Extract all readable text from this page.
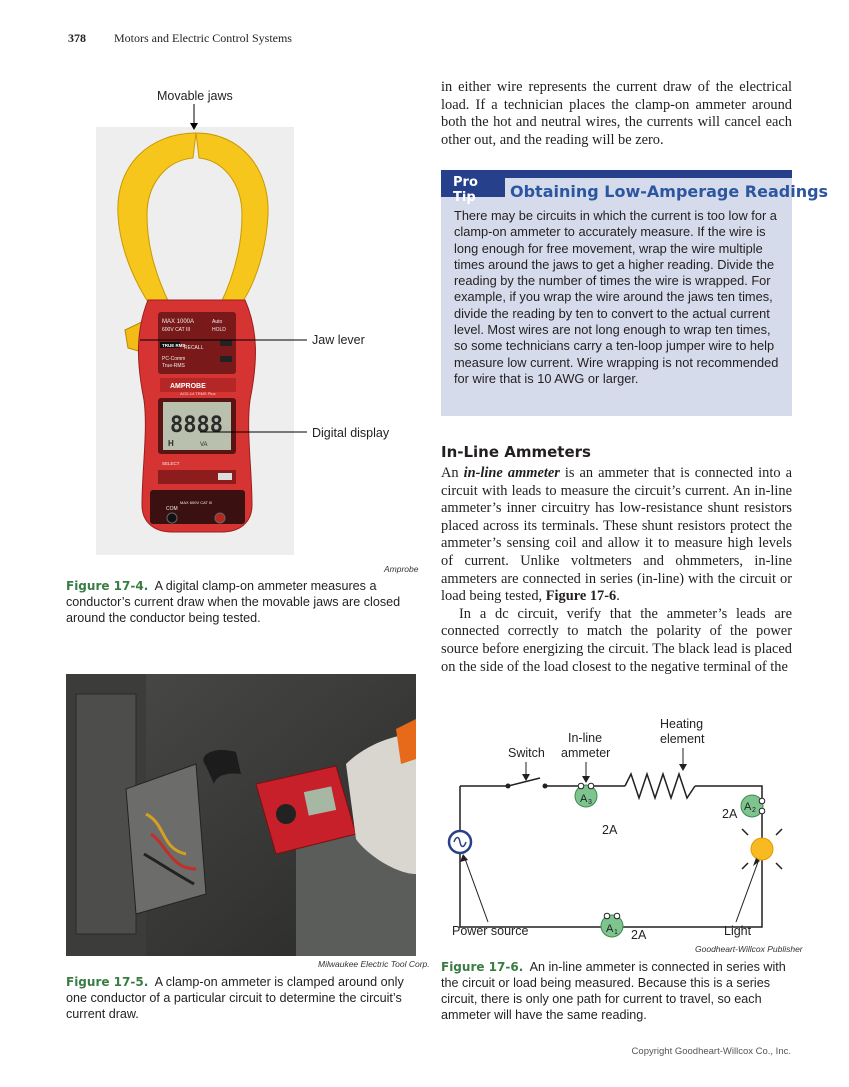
378 Motors and Electric Control Systems
Movable jaws
Jaw lever
Digital display
MAX 1000A
600V CAT III
Auto
HOLD
TRUE RMS
RECALL
PC-Comm
True-RMS
AMPROBE
ACD-14 TRMS Plus
8888
H	VA
SELECT
COM
MAX 600V CAT III
Amprobe
Figure 17-4. A digital clamp-on ammeter measures a conductor’s current draw when the movable jaws are closed around the conductor being tested.
Milwaukee Electric Tool Corp.
Figure 17-5. A clamp-on ammeter is clamped around only one conductor of a particular circuit to determine the circuit’s current draw.

in either wire represents the current draw of the electrical load. If a technician places the clamp-on ammeter around both the hot and neutral wires, the currents will cancel each other out, and the reading will be zero.

Pro Tip	Obtaining Low-Amperage Readings
There may be circuits in which the current is too low for a clamp-on ammeter to accurately measure. If the wire is long enough for free movement, wrap the wire multiple times around the jaws to get a higher reading. Divide the reading by the number of times the wire is wrapped. For example, if you wrap the wire around the jaws ten times, divide the reading by ten to convert to the actual current level. Most wires are not long enough to wrap ten times, so some technicians carry a ten-loop jumper wire to help measure low current. Wire wrapping is not recommended for wire that is 10 AWG or larger.
In-Line Ammeters

An in-line ammeter is an ammeter that is connected into a circuit with leads to measure the circuit’s current. An in-line ammeter’s inner circuitry has low-resistance shunt resistors placed across its terminals. These shunt resistors protect the ammeter’s sensing coil and allow it to measure high levels of current. Unlike voltmeters and ohmmeters, in-line ammeters are connected in series (in-line) with the circuit or load being tested, Figure 17-6.

In a dc circuit, verify that the ammeter’s leads are connected correctly to match the polarity of the power source before energizing the circuit. The black lead is placed on the side of the load closest to the negative terminal of the

Switch
In-line
ammeter
Heating
element
Power source	Light
2A
2A
2A
A 3	A 2
A 1
Goodheart-Willcox Publisher
Figure 17-6. An in-line ammeter is connected in series with the circuit or load being measured. Because this is a series circuit, there is only one path for current to travel, so each ammeter will have the same reading.
Copyright Goodheart-Willcox Co., Inc.
